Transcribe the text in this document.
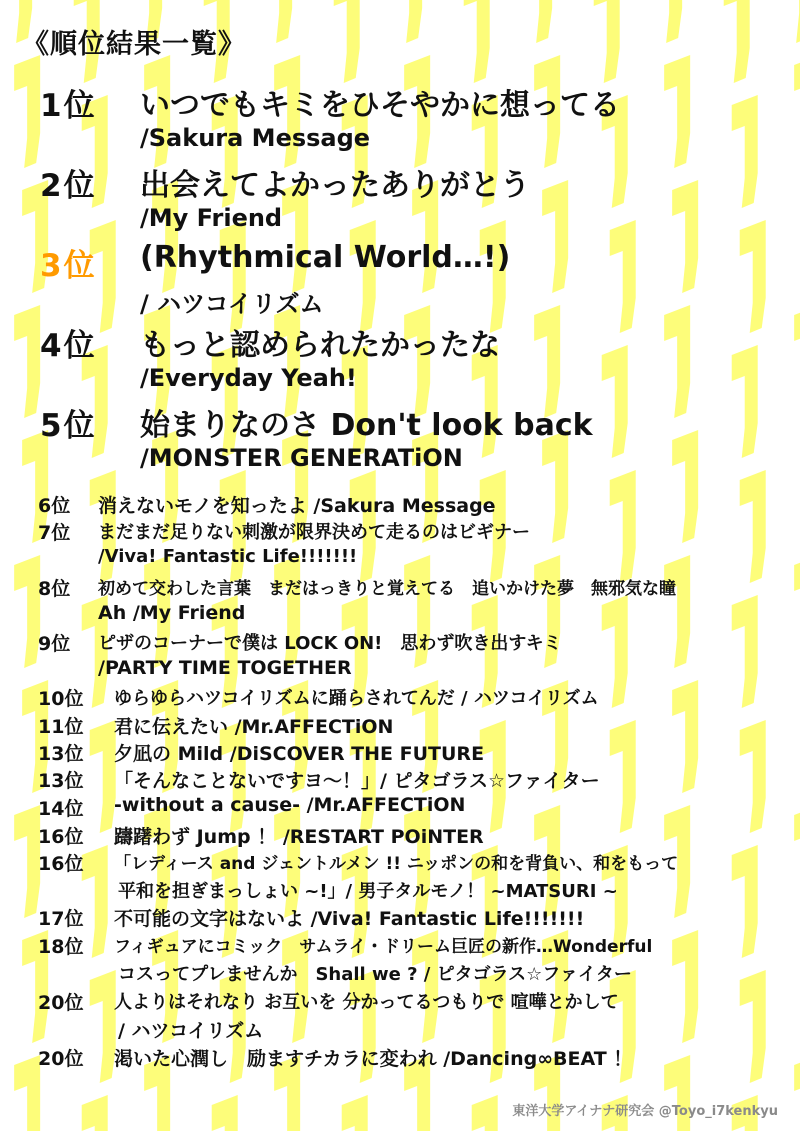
《順位結果一覧》
1位 いつでもキミをひそやかに想ってる
/Sakura Message
2位 出会えてよかったありがとう
/My Friend
3位 (Rhythmical World…!)
/ ハツコイリズム
4位 もっと認められたかったな
/Everyday Yeah!
5位 始まりなのさ Don't look back
/MONSTER GENERATiON
6位 消えないモノを知ったよ /Sakura Message
7位 まだまだ足りない刺激が限界決めて走るのはビギナー
/Viva! Fantastic Life!!!!!!!
8位 初めて交わした言葉　まだはっきりと覚えてる　追いかけた夢　無邪気な瞳
Ah /My Friend
9位 ピザのコーナーで僕は LOCK ON!　思わず吹き出すキミ
/PARTY TIME TOGETHER
10位 ゆらゆらハツコイリズムに踊らされてんだ / ハツコイリズム
11位 君に伝えたい /Mr.AFFECTiON
13位 夕凪の Mild /DiSCOVER THE FUTURE
13位 「そんなことないですヨ〜！」/ ピタゴラス☆ファイター
14位 -without a cause- /Mr.AFFECTiON
16位 躊躇わず Jump ！ /RESTART POiNTER
16位 「レディース and ジェントルメン !! ニッポンの和を背負い、和をもって
平和を担ぎまっしょい ~!」/ 男子タルモノ！ ~MATSURI ~
17位 不可能の文字はないよ /Viva! Fantastic Life!!!!!!!
18位 フィギュアにコミック　サムライ・ドリーム巨匠の新作…Wonderful
コスってプレませんか　Shall we ? / ピタゴラス☆ファイター
20位 人よりはそれなり お互いを 分かってるつもりで 喧嘩とかして
/ ハツコイリズム
20位 渇いた心潤し　励ますチカラに変われ /Dancing∞BEAT ！
東洋大学アイナナ研究会 @Toyo_i7kenkyu
